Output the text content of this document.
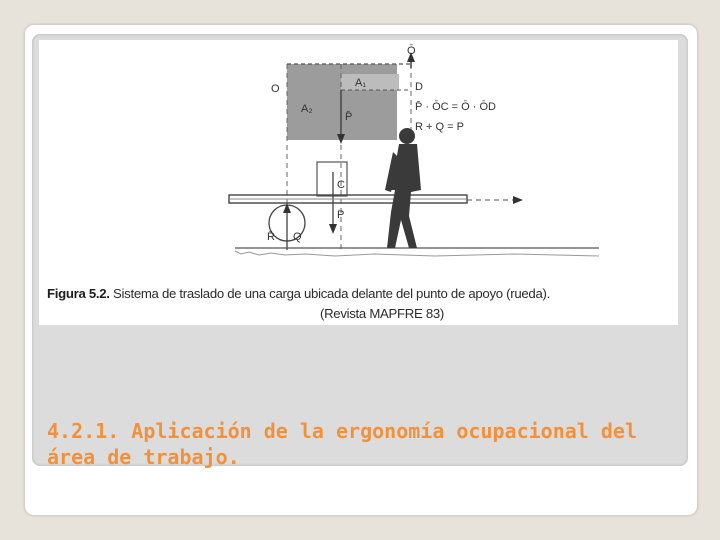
O
Ō
D
A₁
A₂
P̄
P̄ · ŌC = Ō · ŌD
R + Q = P
C
P
R̄ Q
Figura 5.2. Sistema de traslado de una carga ubicada delante del punto de apoyo (rueda).
(Revista MAPFRE 83)
4.2.1. Aplicación de la ergonomía ocupacional del área de trabajo.
